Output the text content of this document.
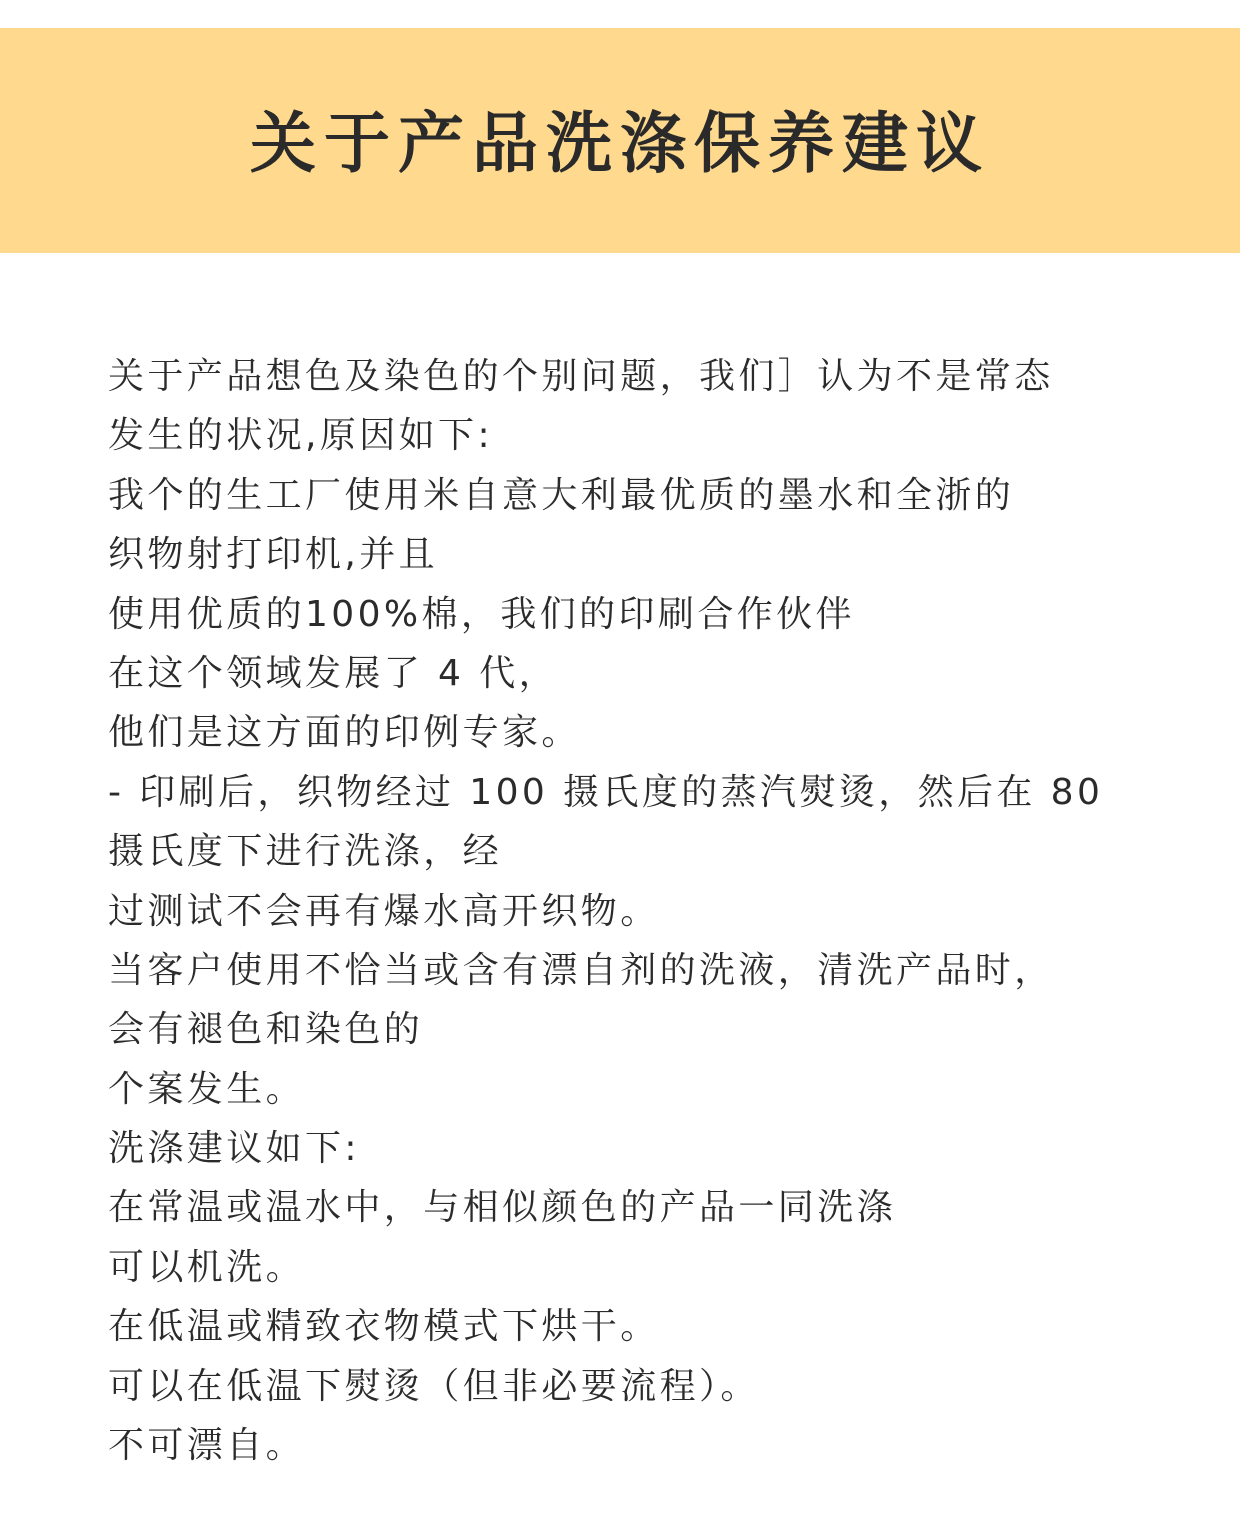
关于产品洗涤保养建议

关于产品想色及染色的个别问题，我们］认为不是常态

发生的状况,原因如下:

我个的生工厂使用米自意大利最优质的墨水和全浙的

织物射打印机,并且

使用优质的100%棉，我们的印刷合作伙伴

在这个领域发展了 4 代，

他们是这方面的印例专家。

- 印刷后，织物经过 100 摄氏度的蒸汽熨烫，然后在 80

摄氏度下进行洗涤，经

过测试不会再有爆水高开织物。

当客户使用不恰当或含有漂自剂的洗液，清洗产品时，

会有褪色和染色的

个案发生。

洗涤建议如下:

在常温或温水中，与相似颜色的产品一同洗涤

可以机洗。

在低温或精致衣物模式下烘干。

可以在低温下熨烫（但非必要流程）。

不可漂自。
